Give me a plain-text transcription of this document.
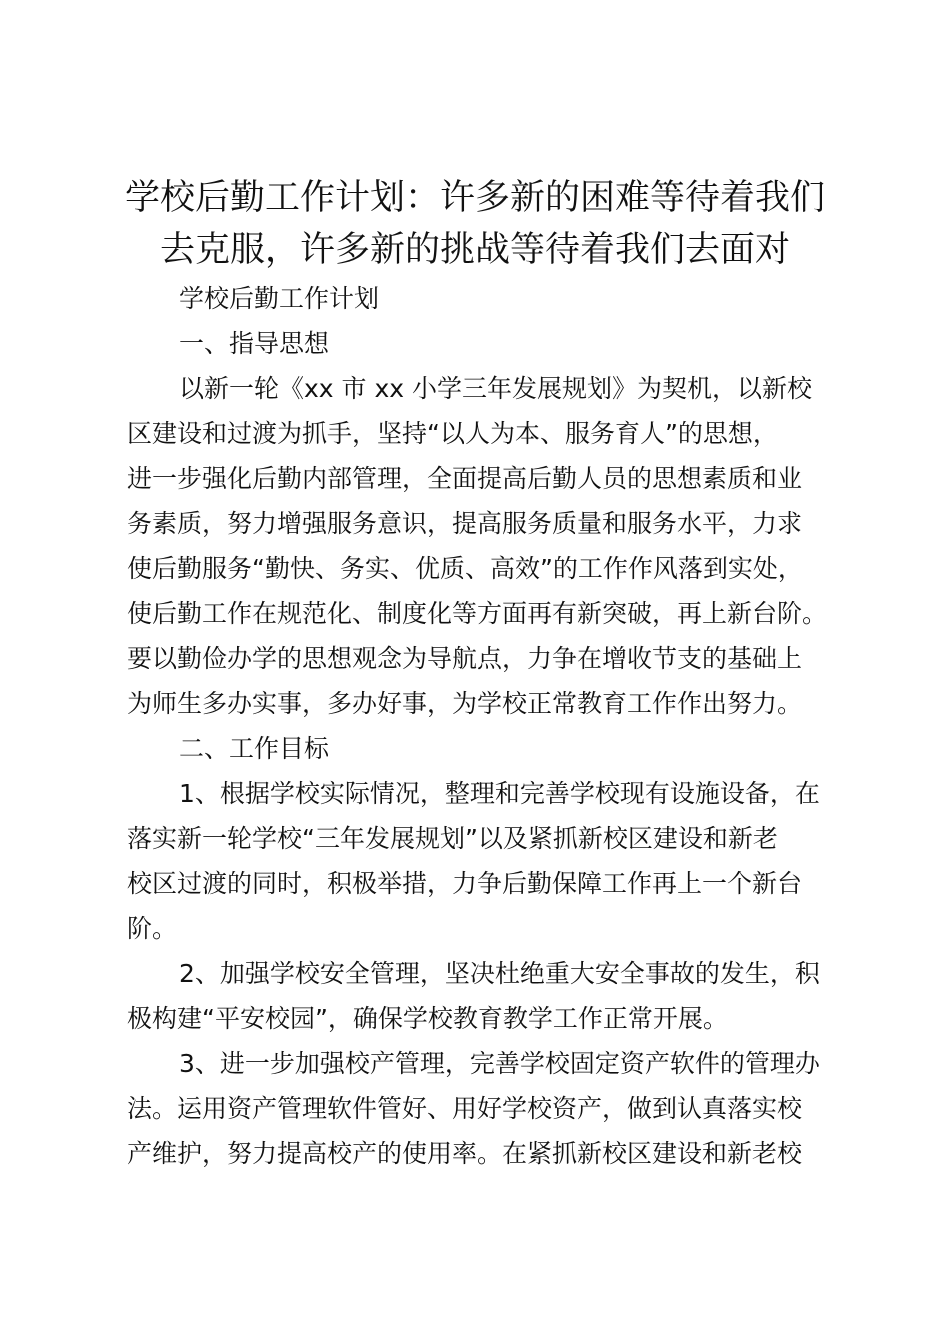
学校后勤工作计划：许多新的困难等待着我们
去克服，许多新的挑战等待着我们去面对
学校后勤工作计划
一、指导思想
以新一轮《xx 市 xx 小学三年发展规划》为契机，以新校
区建设和过渡为抓手，坚持“以人为本、服务育人”的思想，
进一步强化后勤内部管理，全面提高后勤人员的思想素质和业
务素质，努力增强服务意识，提高服务质量和服务水平，力求
使后勤服务“勤快、务实、优质、高效”的工作作风落到实处，
使后勤工作在规范化、制度化等方面再有新突破，再上新台阶。
要以勤俭办学的思想观念为导航点，力争在增收节支的基础上
为师生多办实事，多办好事，为学校正常教育工作作出努力。
二、工作目标
1、根据学校实际情况，整理和完善学校现有设施设备，在
落实新一轮学校“三年发展规划”以及紧抓新校区建设和新老
校区过渡的同时，积极举措，力争后勤保障工作再上一个新台
阶。
2、加强学校安全管理，坚决杜绝重大安全事故的发生，积
极构建“平安校园”，确保学校教育教学工作正常开展。
3、进一步加强校产管理，完善学校固定资产软件的管理办
法。运用资产管理软件管好、用好学校资产，做到认真落实校
产维护，努力提高校产的使用率。在紧抓新校区建设和新老校
